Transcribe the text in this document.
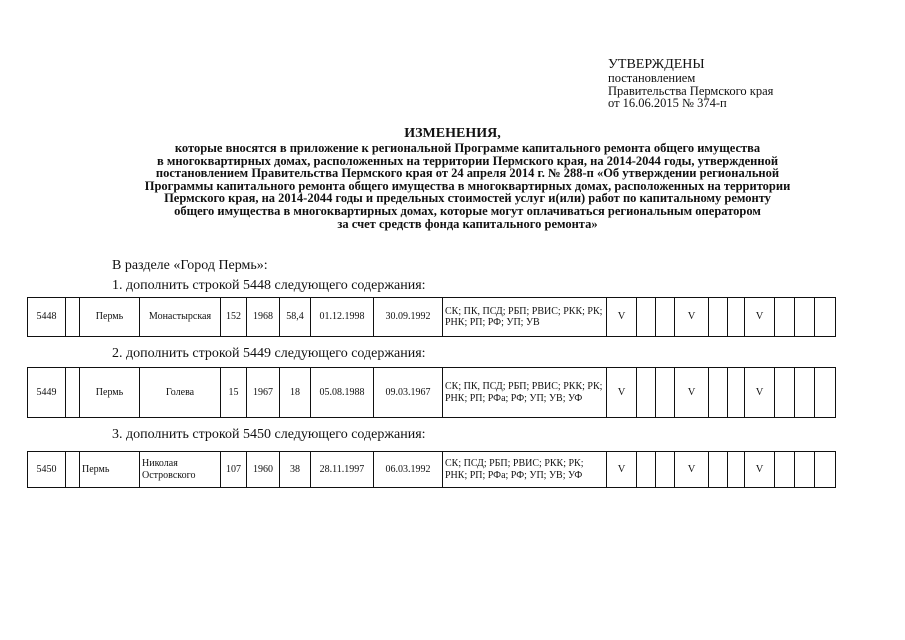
УТВЕРЖДЕНЫ
постановлением
Правительства Пермского края
от 16.06.2015 № 374-п
ИЗМЕНЕНИЯ,
которые вносятся в приложение к региональной Программе капитального ремонта общего имущества
в многоквартирных домах, расположенных на территории Пермского края, на 2014-2044 годы, утвержденной
постановлением Правительства Пермского края от 24 апреля 2014 г. № 288-п «Об утверждении региональной
Программы капитального ремонта общего имущества в многоквартирных домах, расположенных на территории
Пермского края, на 2014-2044 годы и предельных стоимостей услуг и(или) работ по капитальному ремонту
общего имущества в многоквартирных домах, которые могут оплачиваться региональным оператором
за счет средств фонда капитального ремонта»
В разделе «Город Пермь»:
1. дополнить строкой 5448 следующего содержания:
5448		Пермь	Монастырская	152	1968	58,4	01.12.1998	30.09.1992	СК; ПК, ПСД; РБП; РВИС; РКК; РК; РНК; РП; РФ; УП; УВ	V			V			V			
2. дополнить строкой 5449 следующего содержания:
5449		Пермь	Голева	15	1967	18	05.08.1988	09.03.1967	СК; ПК, ПСД; РБП; РВИС; РКК; РК; РНК; РП; РФа; РФ; УП; УВ; УФ	V			V			V			
3. дополнить строкой 5450 следующего содержания:
5450		Пермь	Николая Островского	107	1960	38	28.11.1997	06.03.1992	СК; ПСД; РБП; РВИС; РКК; РК; РНК; РП; РФа; РФ; УП; УВ; УФ	V			V			V			
